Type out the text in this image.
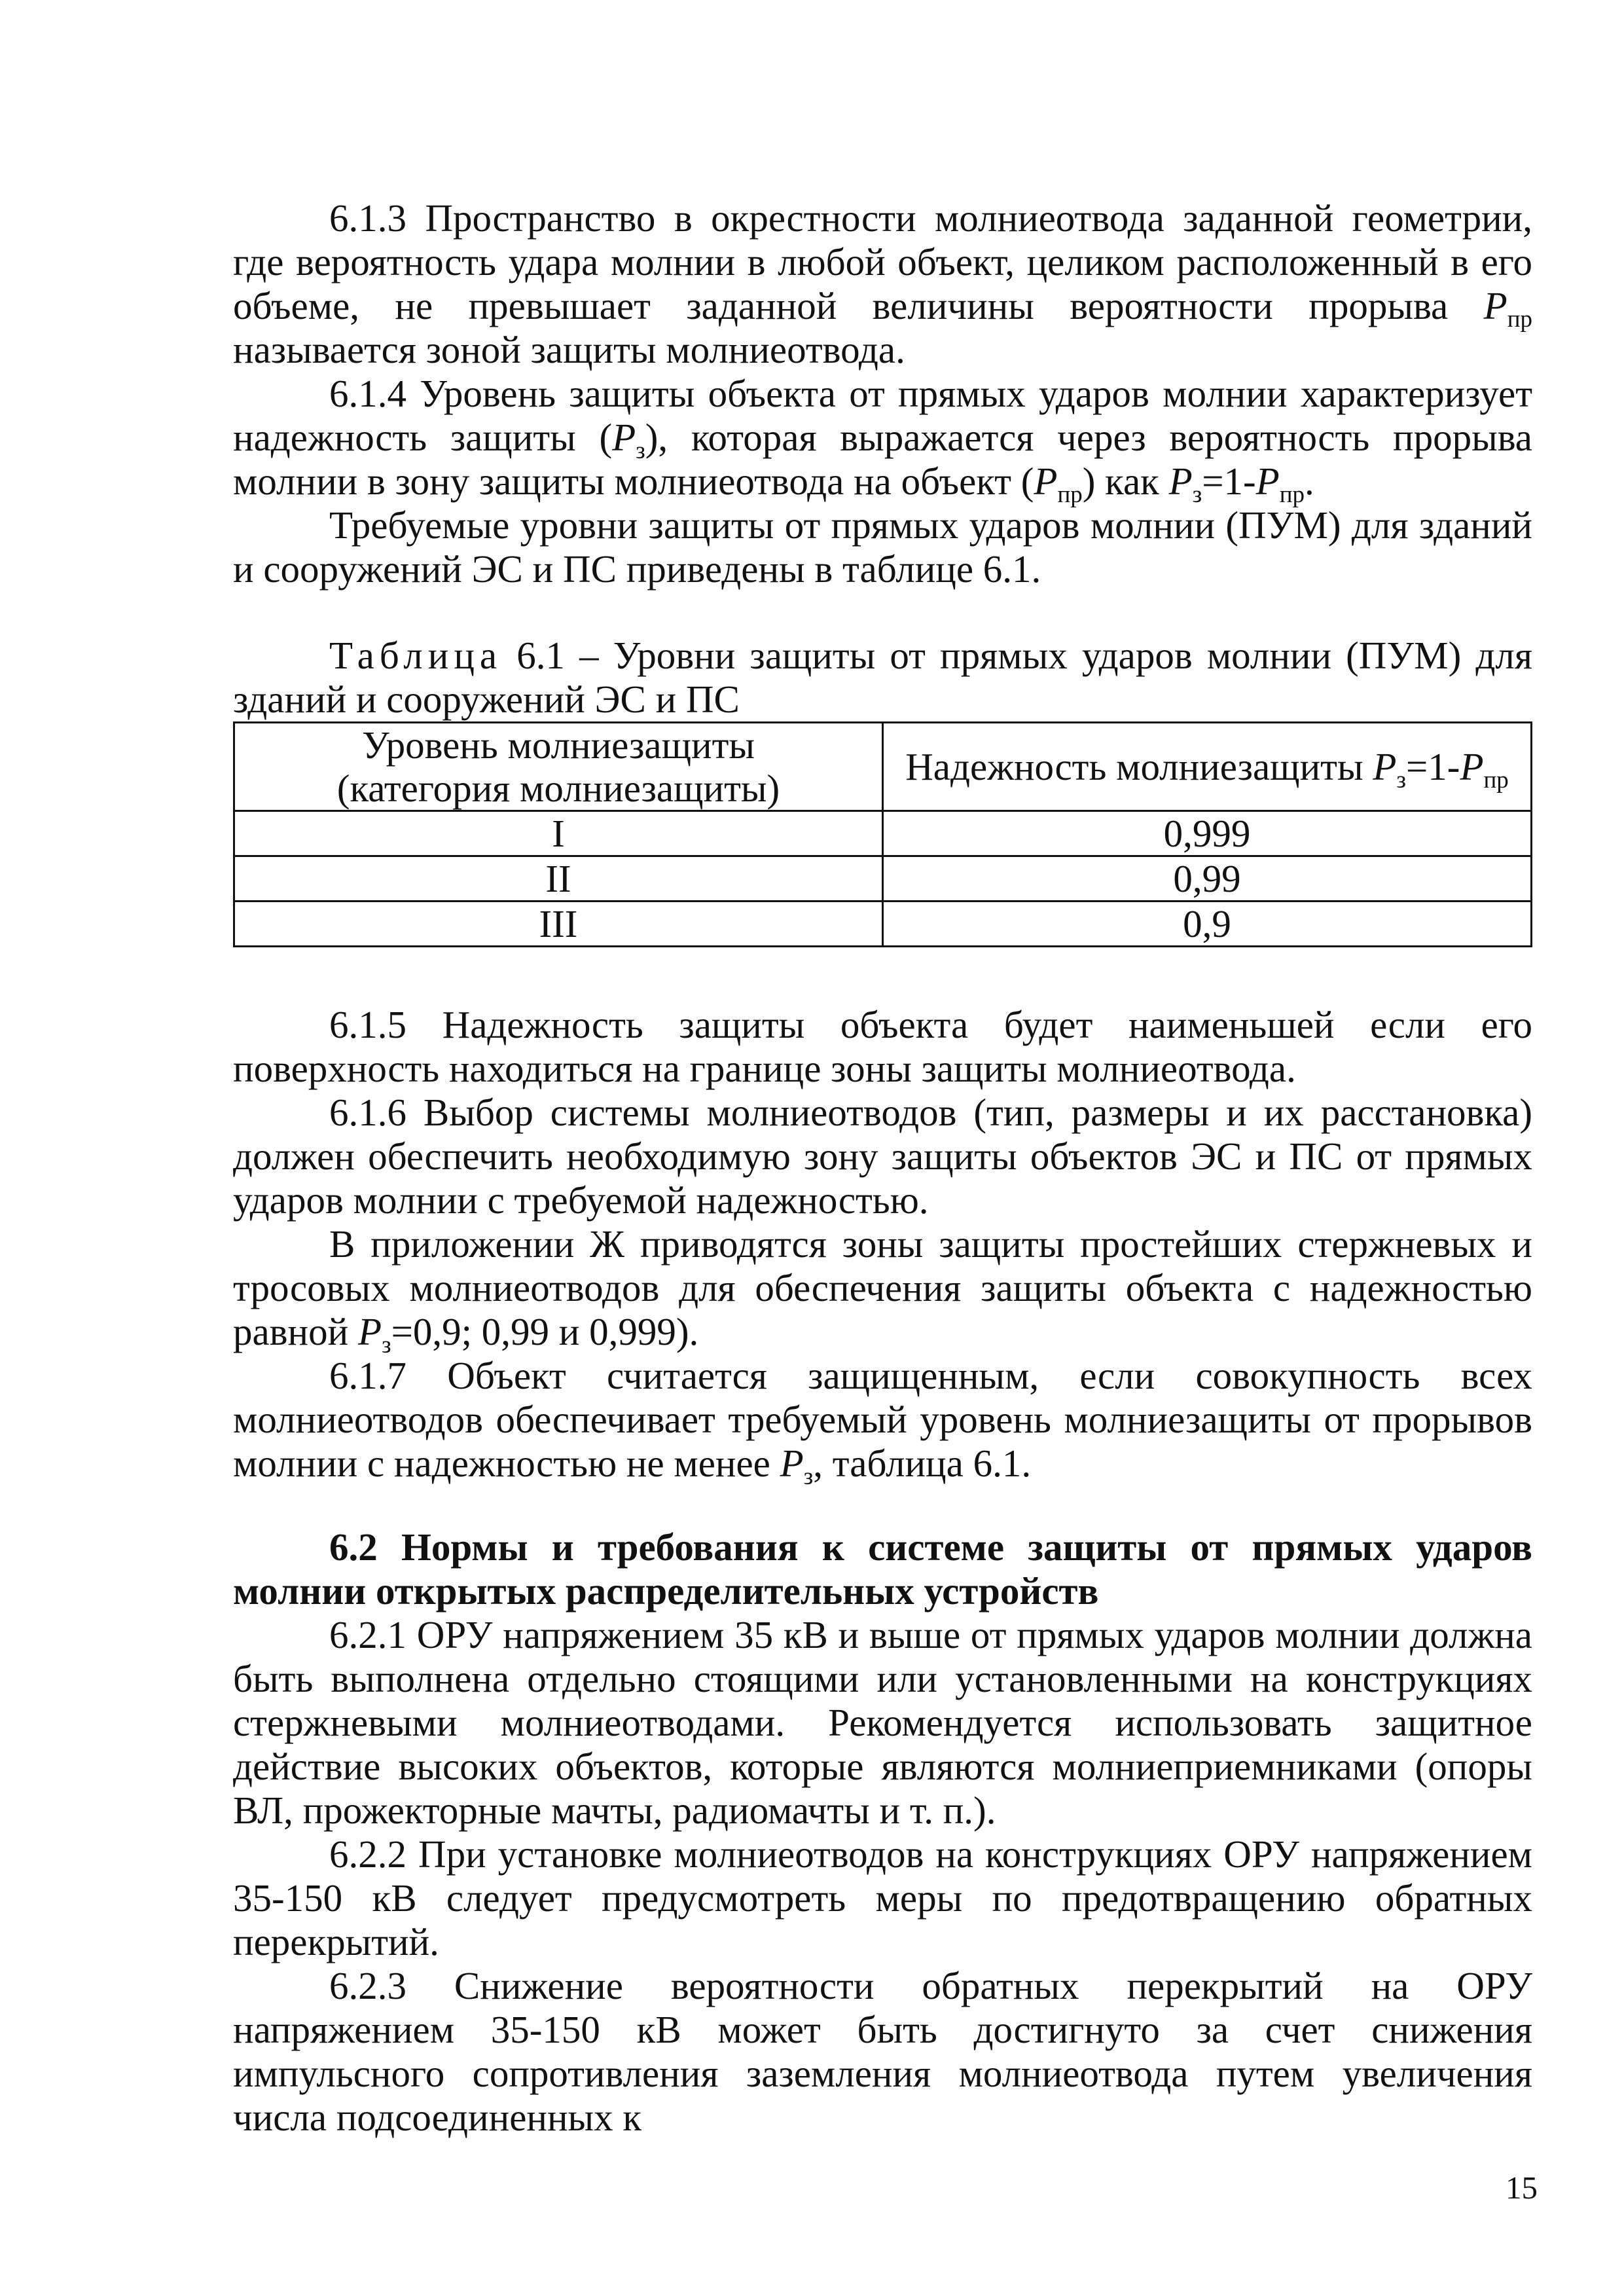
6.1.3 Пространство в окрестности молниеотвода заданной геометрии, где вероятность удара молнии в любой объект, целиком расположенный в его объеме, не превышает заданной величины вероятности прорыва $P_{пр}$ называется зоной защиты молниеотвода.

6.1.4 Уровень защиты объекта от прямых ударов молнии характеризует надежность защиты $(P_з)$, которая выражается через вероятность прорыва молнии в зону защиты молниеотвода на объект $(P_{пр})$ как $P_з=1-P_{пр}$.

Требуемые уровни защиты от прямых ударов молнии (ПУМ) для зданий и сооружений ЭС и ПС приведены в таблице 6.1.

Таблица 6.1 – Уровни защиты от прямых ударов молнии (ПУМ) для зданий и сооружений ЭС и ПС

Уровень молниезащиты
(категория молниезащиты)	Надежность молниезащиты $P_з=1-P_{пр}$
I	0,999
II	0,99
III	0,9

6.1.5 Надежность защиты объекта будет наименьшей если его поверхность находиться на границе зоны защиты молниеотвода.

6.1.6 Выбор системы молниеотводов (тип, размеры и их расстановка) должен обеспечить необходимую зону защиты объектов ЭС и ПС от прямых ударов молнии с требуемой надежностью.

В приложении Ж приводятся зоны защиты простейших стержневых и тросовых молниеотводов для обеспечения защиты объекта с надежностью равной $P_з=0,9$; 0,99 и 0,999).

6.1.7 Объект считается защищенным, если совокупность всех молниеотводов обеспечивает требуемый уровень молниезащиты от прорывов молнии с надежностью не менее $P_з$, таблица 6.1.

6.2 Нормы и требования к системе защиты от прямых ударов молнии открытых распределительных устройств

6.2.1 ОРУ напряжением 35 кВ и выше от прямых ударов молнии должна быть выполнена отдельно стоящими или установленными на конструкциях стержневыми молниеотводами. Рекомендуется использовать защитное действие высоких объектов, которые являются молниеприемниками (опоры ВЛ, прожекторные мачты, радиомачты и т. п.).

6.2.2 При установке молниеотводов на конструкциях ОРУ напряжением 35-150 кВ следует предусмотреть меры по предотвращению обратных перекрытий.

6.2.3 Снижение вероятности обратных перекрытий на ОРУ напряжением 35-150 кВ может быть достигнуто за счет снижения импульсного сопротивления заземления молниеотвода путем увеличения числа подсоединенных к

15
